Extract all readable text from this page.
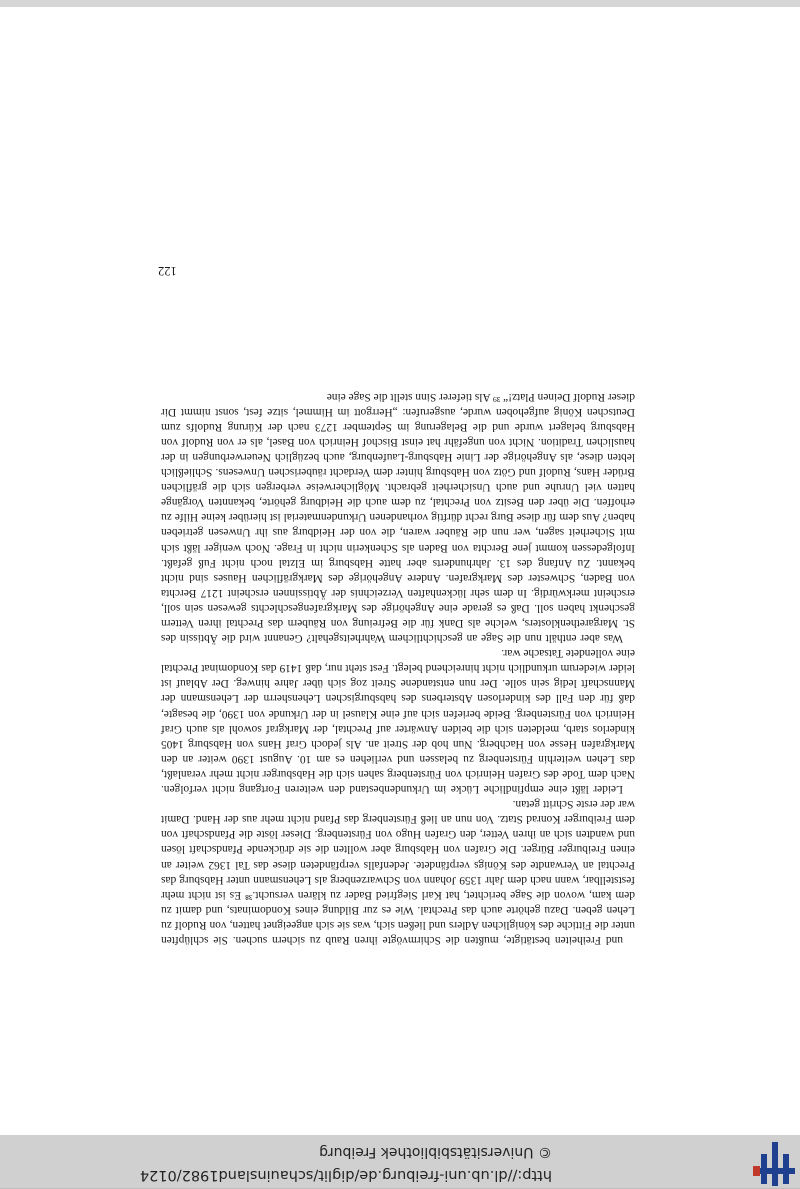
http://dl.ub.uni-freiburg.de/diglit/schauinsland1982/0124
© Universitätsbibliothek Freiburg

und Freiheiten bestätigte, mußten die Schirmvögte ihren Raub zu sichern suchen. Sie schlüpften unter die Fittiche des königlichen Adlers und ließen sich, was sie sich angeeignet hatten, von Rudolf zu Lehen geben. Dazu gehörte auch das Prechtal. Wie es zur Bildung eines Kondominats, und damit zu dem kam, wovon die Sage berichtet, hat Karl Siegfried Bader zu klären versucht.³⁸ Es ist nicht mehr feststellbar, wann nach dem Jahr 1359 Johann von Schwarzenberg als Lehensmann unter Habsburg das Prechtal an Verwandte des Königs verpfändete. Jedenfalls verpfändeten diese das Tal 1362 weiter an einen Freiburger Bürger. Die Grafen von Habsburg aber wollten die sie drückende Pfandschaft lösen und wandten sich an ihren Vetter, den Grafen Hugo von Fürstenberg. Dieser löste die Pfandschaft von dem Freiburger Konrad Statz. Von nun an ließ Fürstenberg das Pfand nicht mehr aus der Hand. Damit war der erste Schritt getan.

Leider läßt eine empfindliche Lücke im Urkundenbestand den weiteren Fortgang nicht verfolgen. Nach dem Tode des Grafen Heinrich von Fürstenberg sahen sich die Habsburger nicht mehr veranlaßt, das Lehen weiterhin Fürstenberg zu belassen und verliehen es am 10. August 1390 weiter an den Markgrafen Hesse von Hachberg. Nun hob der Streit an. Als jedoch Graf Hans von Habsburg 1405 kinderlos starb, meldeten sich die beiden Anwärter auf Prechtal, der Markgraf sowohl als auch Graf Heinrich von Fürstenberg. Beide beriefen sich auf eine Klausel in der Urkunde von 1390, die besagte, daß für den Fall des kinderlosen Absterbens des habsburgischen Lehensherrn der Lehensmann der Mannschaft ledig sein solle. Der nun entstandene Streit zog sich über Jahre hinweg. Der Ablauf ist leider wiederum urkundlich nicht hinreichend belegt. Fest steht nur, daß 1419 das Kondominat Prechtal eine vollendete Tatsache war.

Was aber enthält nun die Sage an geschichtlichem Wahrheitsgehalt? Genannt wird die Äbtissin des St. Margarethenklosters, welche als Dank für die Befreiung von Räubern das Prechtal ihren Vettern geschenkt haben soll. Daß es gerade eine Angehörige des Markgrafengeschlechts gewesen sein soll, erscheint merkwürdig. In dem sehr lückenhaften Verzeichnis der Äbtissinnen erscheint 1217 Berchta von Baden, Schwester des Markgrafen. Andere Angehörige des Markgräflichen Hauses sind nicht bekannt. Zu Anfang des 13. Jahrhunderts aber hatte Habsburg im Elztal noch nicht Fuß gefaßt. Infolgedessen kommt jene Berchta von Baden als Schenkerin nicht in Frage. Noch weniger läßt sich mit Sicherheit sagen, wer nun die Räuber waren, die von der Heidburg aus ihr Unwesen getrieben haben? Aus dem für diese Burg recht dürftig vorhandenen Urkundenmaterial ist hierüber keine Hilfe zu erhoffen. Die über den Besitz von Prechtal, zu dem auch die Heidburg gehörte, bekannten Vorgänge hatten viel Unruhe und auch Unsicherheit gebracht. Möglicherweise verbergen sich die gräflichen Brüder Hans, Rudolf und Götz von Habsburg hinter dem Verdacht räuberischen Unwesens. Schließlich lebten diese, als Angehörige der Linie Habsburg-Laufenburg, auch bezüglich Neuerwerbungen in der hauslichen Tradition. Nicht von ungefähr hat einst Bischof Heinrich von Basel, als er von Rudolf von Habsburg belagert wurde und die Belagerung im September 1273 nach der Kürung Rudolfs zum Deutschen König aufgehoben wurde, ausgerufen: „Herrgott im Himmel, sitze fest, sonst nimmt Dir dieser Rudolf Deinen Platz!“ ³⁹ Als tieferer Sinn stellt die Sage eine

122
